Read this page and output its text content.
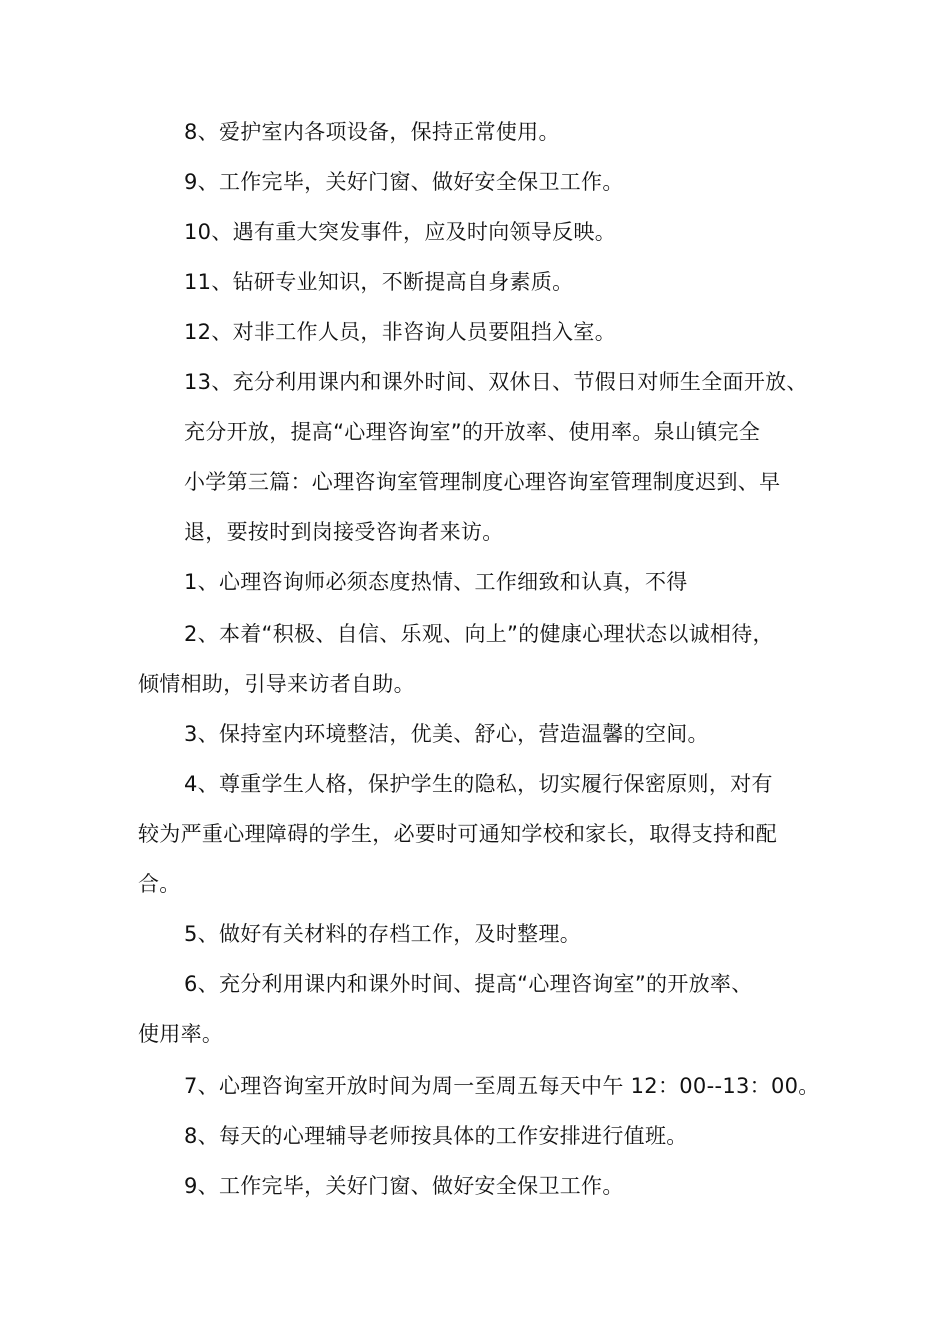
8、爱护室内各项设备，保持正常使用。
9、工作完毕，关好门窗、做好安全保卫工作。
10、遇有重大突发事件，应及时向领导反映。
11、钻研专业知识，不断提高自身素质。
12、对非工作人员，非咨询人员要阻挡入室。
13、充分利用课内和课外时间、双休日、节假日对师生全面开放、
充分开放，提高“心理咨询室”的开放率、使用率。泉山镇完全
小学第三篇：心理咨询室管理制度心理咨询室管理制度迟到、早
退，要按时到岗接受咨询者来访。
1、心理咨询师必须态度热情、工作细致和认真，不得
2、本着“积极、自信、乐观、向上”的健康心理状态以诚相待，
倾情相助，引导来访者自助。
3、保持室内环境整洁，优美、舒心，营造温馨的空间。
4、尊重学生人格，保护学生的隐私，切实履行保密原则，对有
较为严重心理障碍的学生，必要时可通知学校和家长，取得支持和配
合。
5、做好有关材料的存档工作，及时整理。
6、充分利用课内和课外时间、提高“心理咨询室”的开放率、
使用率。
7、心理咨询室开放时间为周一至周五每天中午 12：00--13：00。
8、每天的心理辅导老师按具体的工作安排进行值班。
9、工作完毕，关好门窗、做好安全保卫工作。
